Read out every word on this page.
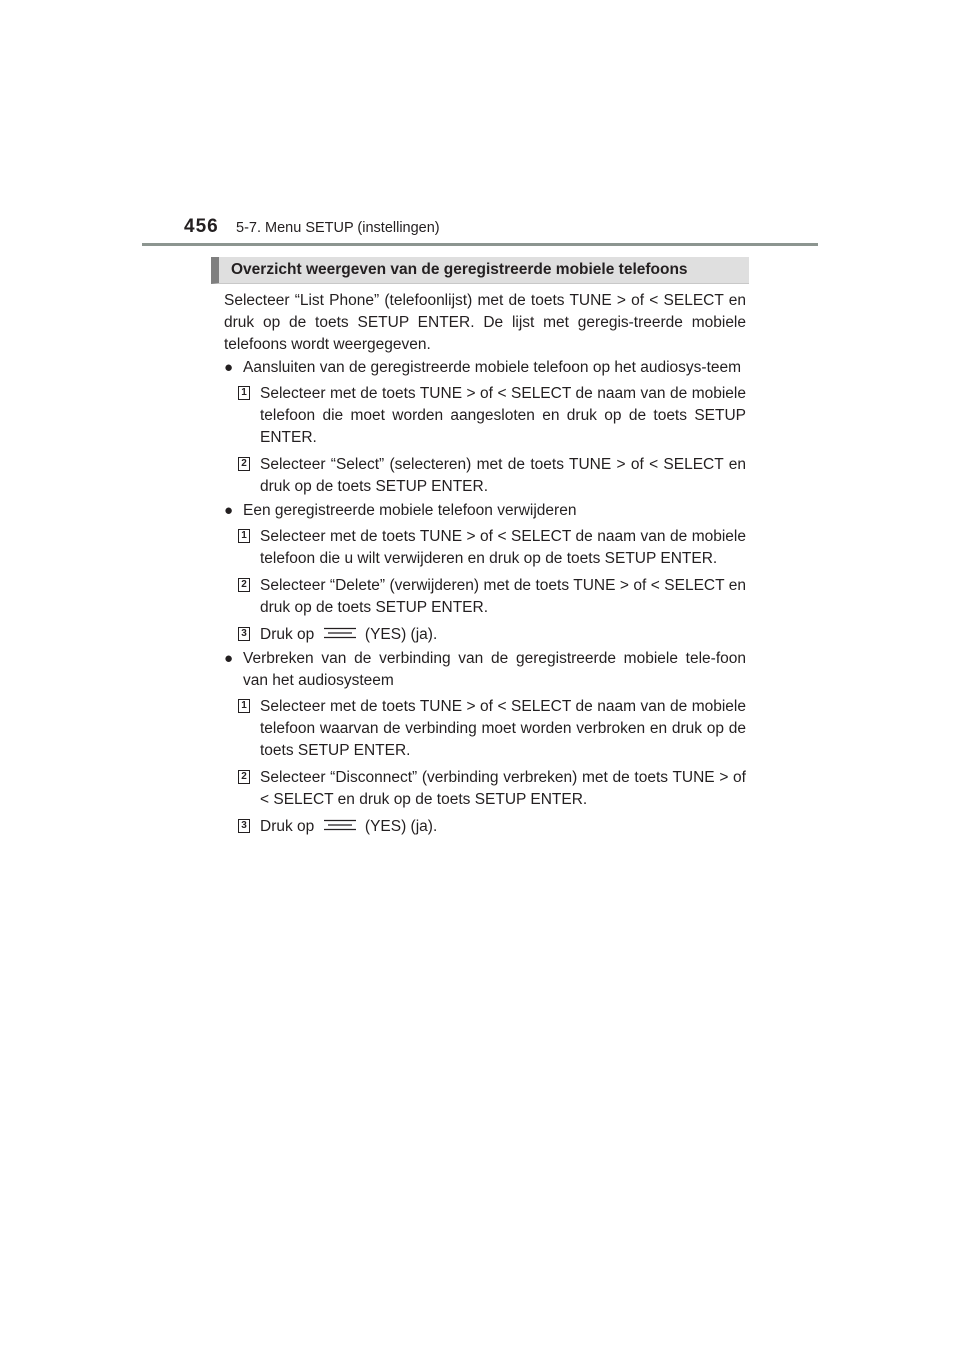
456 5-7. Menu SETUP (instellingen)
Overzicht weergeven van de geregistreerde mobiele telefoons

Selecteer “List Phone” (telefoonlijst) met de toets TUNE > of < SELECT en druk op de toets SETUP ENTER. De lijst met geregis-treerde mobiele telefoons wordt weergegeven.

● Aansluiten van de geregistreerde mobiele telefoon op het audiosys-teem
1 Selecteer met de toets TUNE > of < SELECT de naam van de mobiele telefoon die moet worden aangesloten en druk op de toets SETUP ENTER.
2 Selecteer “Select” (selecteren) met de toets TUNE > of < SELECT en druk op de toets SETUP ENTER.
● Een geregistreerde mobiele telefoon verwijderen
1 Selecteer met de toets TUNE > of < SELECT de naam van de mobiele telefoon die u wilt verwijderen en druk op de toets SETUP ENTER.
2 Selecteer “Delete” (verwijderen) met de toets TUNE > of < SELECT en druk op de toets SETUP ENTER.
3 Druk op	(YES) (ja).
● Verbreken van de verbinding van de geregistreerde mobiele tele-foon van het audiosysteem
1 Selecteer met de toets TUNE > of < SELECT de naam van de mobiele telefoon waarvan de verbinding moet worden verbroken en druk op de toets SETUP ENTER.
2 Selecteer “Disconnect” (verbinding verbreken) met de toets TUNE > of < SELECT en druk op de toets SETUP ENTER.
3 Druk op	(YES) (ja).
